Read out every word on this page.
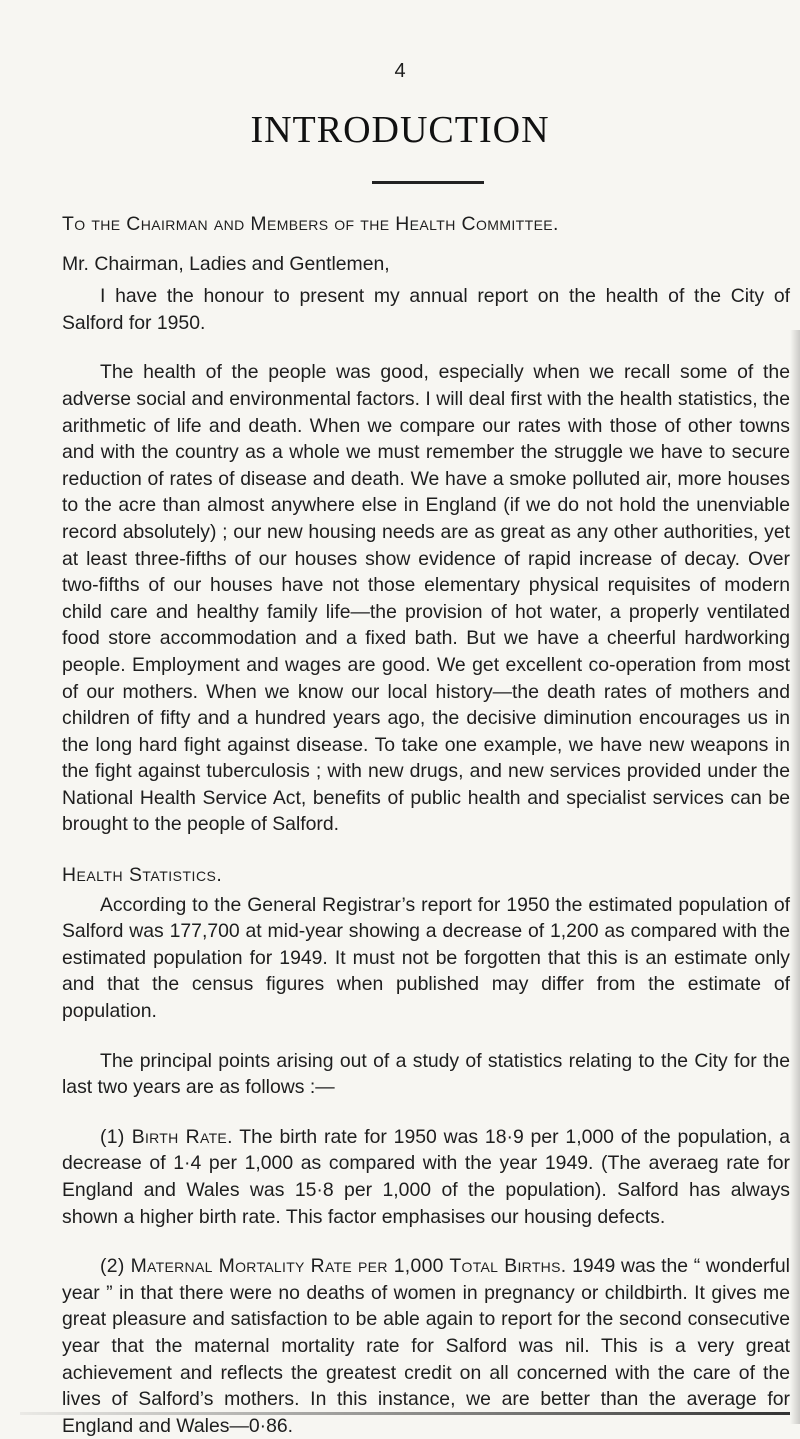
4
INTRODUCTION

To the Chairman and Members of the Health Committee.

Mr. Chairman, Ladies and Gentlemen,

I have the honour to present my annual report on the health of the City of Salford for 1950.

The health of the people was good, especially when we recall some of the adverse social and environmental factors. I will deal first with the health statistics, the arithmetic of life and death. When we compare our rates with those of other towns and with the country as a whole we must remember the struggle we have to secure reduction of rates of disease and death. We have a smoke polluted air, more houses to the acre than almost anywhere else in England (if we do not hold the unenviable record absolutely) ; our new housing needs are as great as any other authorities, yet at least three-fifths of our houses show evidence of rapid increase of decay. Over two-fifths of our houses have not those elementary physical requisites of modern child care and healthy family life—the provision of hot water, a properly ventilated food store accommodation and a fixed bath. But we have a cheerful hardworking people. Employment and wages are good. We get excellent co-operation from most of our mothers. When we know our local history—the death rates of mothers and children of fifty and a hundred years ago, the decisive diminution encourages us in the long hard fight against disease. To take one example, we have new weapons in the fight against tuberculosis ; with new drugs, and new services provided under the National Health Service Act, benefits of public health and specialist services can be brought to the people of Salford.

Health Statistics.

According to the General Registrar’s report for 1950 the estimated population of Salford was 177,700 at mid-year showing a decrease of 1,200 as compared with the estimated population for 1949. It must not be forgotten that this is an estimate only and that the census figures when published may differ from the estimate of population.

The principal points arising out of a study of statistics relating to the City for the last two years are as follows :—

(1) Birth Rate. The birth rate for 1950 was 18·9 per 1,000 of the population, a decrease of 1·4 per 1,000 as compared with the year 1949. (The averaeg rate for England and Wales was 15·8 per 1,000 of the population). Salford has always shown a higher birth rate. This factor emphasises our housing defects.

(2) Maternal Mortality Rate per 1,000 Total Births. 1949 was the “ wonderful year ” in that there were no deaths of women in pregnancy or childbirth. It gives me great pleasure and satisfaction to be able again to report for the second consecutive year that the maternal mortality rate for Salford was nil. This is a very great achievement and reflects the greatest credit on all concerned with the care of the lives of Salford’s mothers. In this instance, we are better than the average for England and Wales—0·86.
